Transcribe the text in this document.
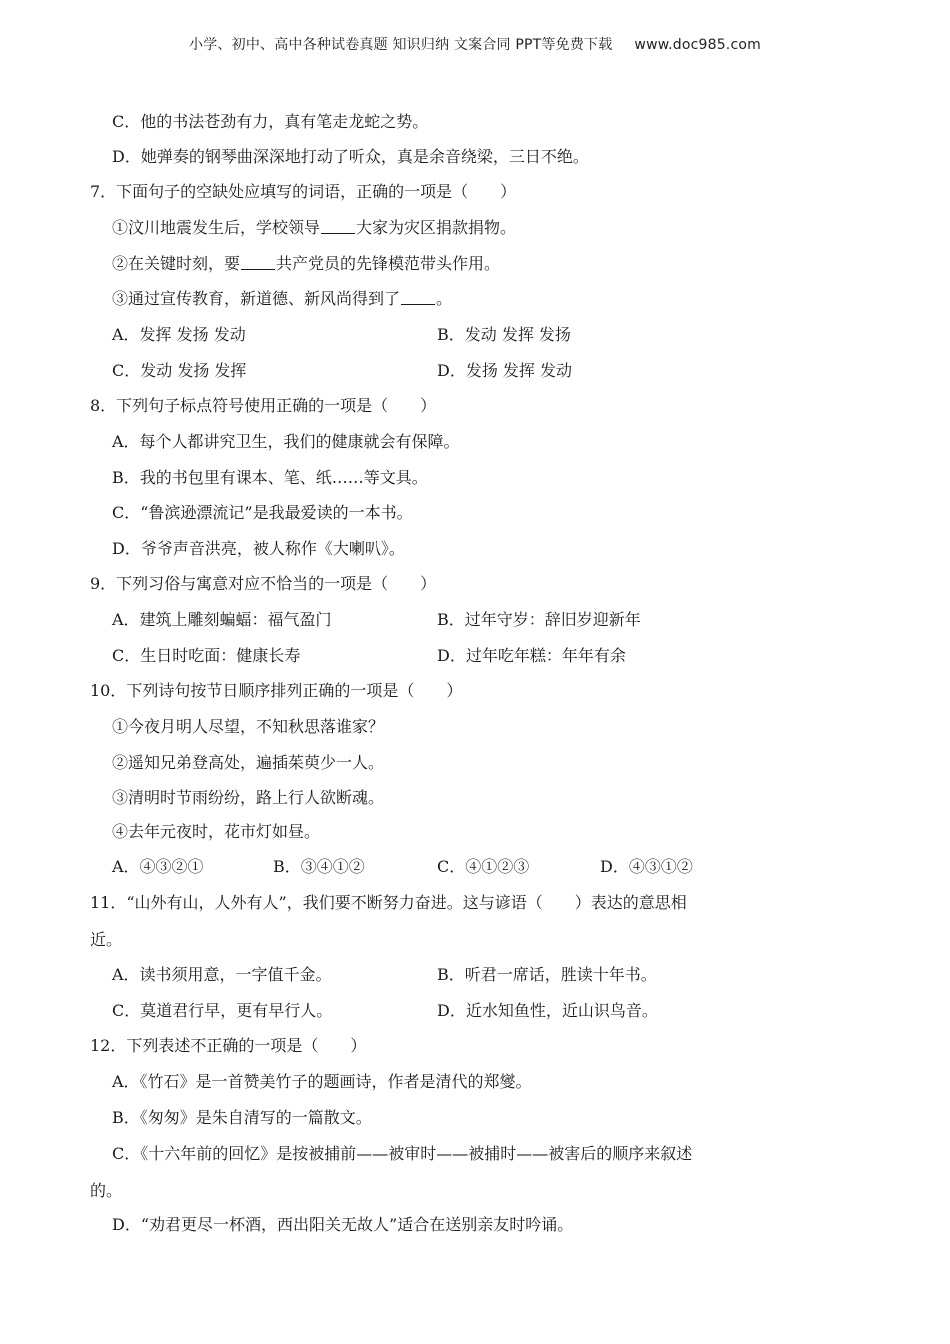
小学、初中、高中各种试卷真题 知识归纳 文案合同 PPT等免费下载 www.doc985.com
C．他的书法苍劲有力，真有笔走龙蛇之势。
D．她弹奏的钢琴曲深深地打动了听众，真是余音绕梁，三日不绝。
7．下面句子的空缺处应填写的词语，正确的一项是（　　）
①汶川地震发生后，学校领导 大家为灾区捐款捐物。
②在关键时刻，要 共产党员的先锋模范带头作用。
③通过宣传教育，新道德、新风尚得到了 。
A．发挥 发扬 发动	B．发动 发挥 发扬
C．发动 发扬 发挥	D．发扬 发挥 发动
8．下列句子标点符号使用正确的一项是（　　）
A．每个人都讲究卫生，我们的健康就会有保障。
B．我的书包里有课本、笔、纸……等文具。
C．“鲁滨逊漂流记”是我最爱读的一本书。
D．爷爷声音洪亮，被人称作《大喇叭》。
9．下列习俗与寓意对应不恰当的一项是（　　）
A．建筑上雕刻蝙蝠：福气盈门	B．过年守岁：辞旧岁迎新年
C．生日时吃面：健康长寿	D．过年吃年糕：年年有余
10．下列诗句按节日顺序排列正确的一项是（　　）
①今夜月明人尽望，不知秋思落谁家？
②遥知兄弟登高处，遍插茱萸少一人。
③清明时节雨纷纷，路上行人欲断魂。
④去年元夜时，花市灯如昼。
A．④③②①	B．③④①②	C．④①②③	D．④③①②
11．“山外有山，人外有人”，我们要不断努力奋进。这与谚语（　　）表达的意思相
近。
A．读书须用意，一字值千金。	B．听君一席话，胜读十年书。
C．莫道君行早，更有早行人。	D．近水知鱼性，近山识鸟音。
12．下列表述不正确的一项是（　　）
A．《竹石》是一首赞美竹子的题画诗，作者是清代的郑燮。
B．《匆匆》是朱自清写的一篇散文。
C．《十六年前的回忆》是按被捕前——被审时——被捕时——被害后的顺序来叙述
的。
D．“劝君更尽一杯酒，西出阳关无故人”适合在送别亲友时吟诵。
